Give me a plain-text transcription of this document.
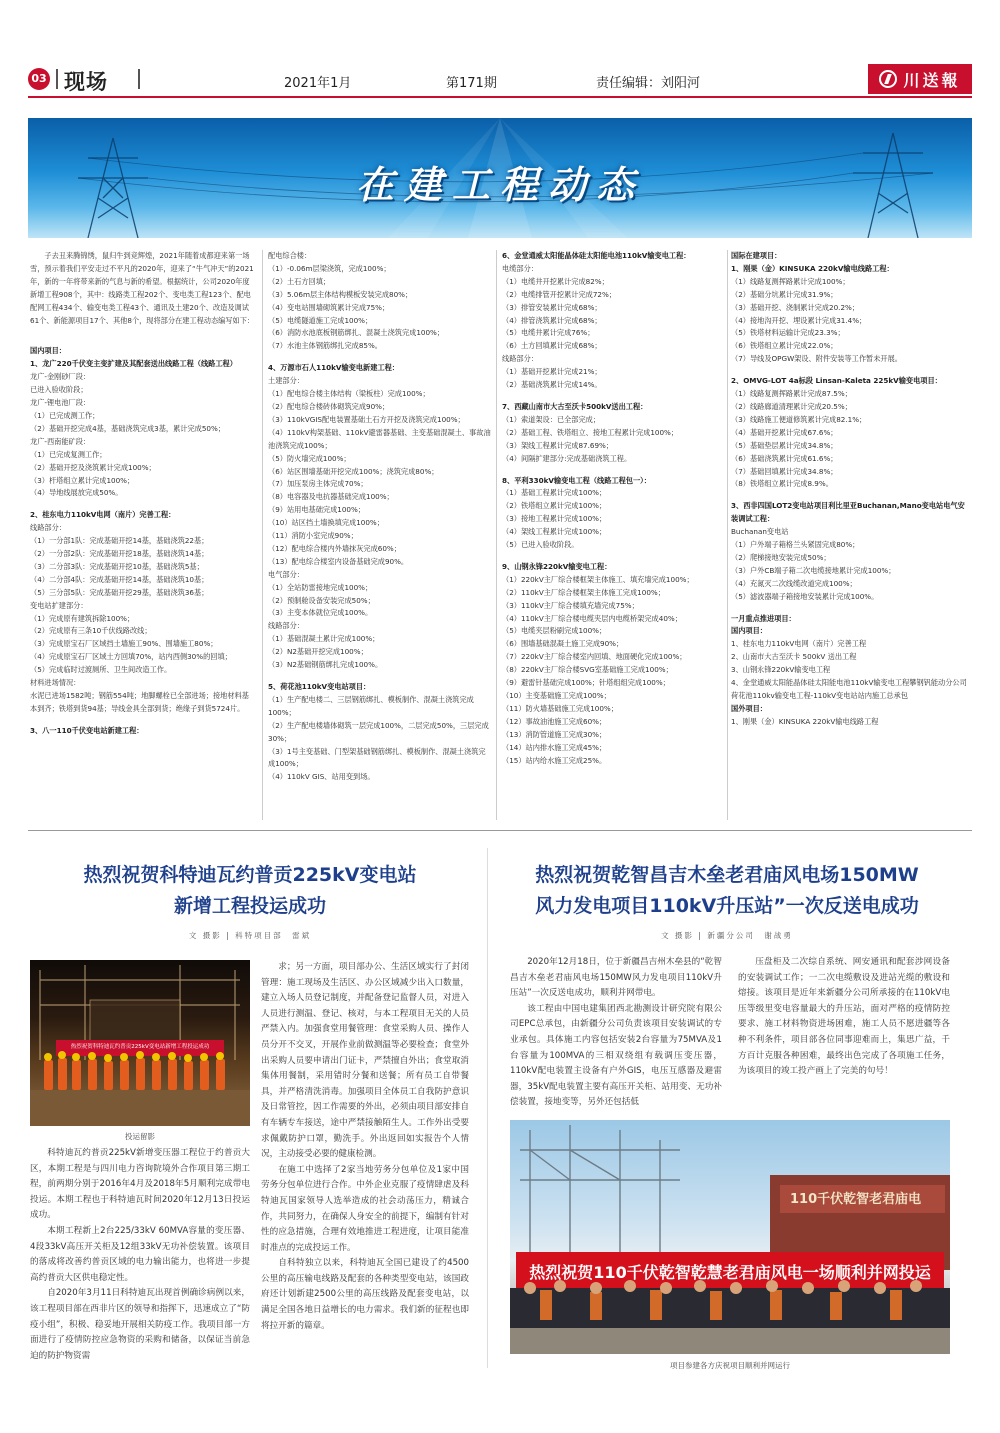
03 现场	2021年1月	第171期	责任编辑：刘阳河	川送報
在建工程动态

子去丑来腾锦绣，鼠归牛到竞辉煌，2021年随着成都迎来第一场雪，预示着我们平安走过不平凡的2020年，迎来了“牛气冲天”的2021年，新的一年将带来新的气息与新的希望。根据统计，公司2020年度新增工程908个，其中：线路类工程202个、变电类工程123个、配电配网工程434个、输变电类工程43个、通讯及土建20个、改造及调试61个、新能源项目17个、其他8个，现将部分在建工程动态编写如下：

国内项目：

1、龙广220千伏变主变扩建及其配套送出线路工程（线路工程）

龙广-金刚砂厂段：

已进入验收阶段；

龙广-锂电池厂段：

（1）已完成测工作；

（2）基础开挖完成4基，基础浇筑完成3基，累计完成50%；

龙广-西南能矿段：

（1）已完成复测工作；

（2）基础开挖及浇筑累计完成100%；

（3）杆塔组立累计完成100%；

（4）导地线展放完成50%。

2、桂东电力110kV电网（南片）完善工程：

线路部分：

（1）一分部1队：完成基础开挖14基，基础浇筑22基；

（2）一分部2队：完成基础开挖18基，基础浇筑14基；

（3）二分部3队：完成基础开挖10基，基础浇筑5基；

（4）二分部4队：完成基础开挖14基，基础浇筑10基；

（5）三分部5队：完成基础开挖29基，基础浇筑36基；

变电站扩建部分：

（1）完成原有建筑拆除100%；

（2）完成原有三条10千伏线路改线；

（3）完成原宝石厂区域挡土墙施工90%、围墙施工80%；

（4）完成原宝石厂区域土方回填70%，站内西侧30%的回填；

（5）完成临时过渡厕所、卫生间改造工作。

材料进场情况：

水泥已进场1582吨；钢筋554吨；地脚螺栓已全部进场；接地材料基本到齐；铁塔到货94基；导线金具全部到货；绝缘子到货5724片。

3、八一110千伏变电站新建工程：

配电综合楼：

（1）-0.06m层梁浇筑，完成100%；

（2）土石方回填；

（3）5.06m层主体结构模板安装完成80%；

（4）变电站围墙砌筑累计完成75%；

（5）电缆隧道施工完成100%；

（6）消防水池底板钢筋绑扎、混凝土浇筑完成100%；

（7）水池主体钢筋绑扎完成85%。

4、万源市石人110kV输变电新建工程：

土建部分：

（1）配电综合楼主体结构（梁板柱）完成100%；

（2）配电综合楼砖体砌筑完成90%；

（3）110kVGIS配电装置基础土石方开挖及浇筑完成100%；

（4）110kV构架基础、110kV避雷器基础、主变基础混凝土、事故油池浇筑完成100%；

（5）防火墙完成100%；

（6）站区围墙基础开挖完成100%；浇筑完成80%；

（7）加压泵房主体完成70%；

（8）电容器及电抗器基础完成100%；

（9）站用电基础完成100%；

（10）站区挡土墙换填完成100%；

（11）消防小室完成90%；

（12）配电综合楼内外墙抹灰完成60%；

（13）配电综合楼室内设备基础完成90%。

电气部分：

（1）全站防雷接地完成100%；

（2）预制舱设备安装完成50%；

（3）主变本体就位完成100%。

线路部分：

（1）基础混凝土累计完成100%；

（2）N2基础开挖完成100%；

（3）N2基础钢筋绑扎完成100%。

5、荷花池110kV变电站项目：

（1）生产配电楼二、三层钢筋绑扎、模板制作、混凝土浇筑完成100%；

（2）生产配电楼墙体砌筑一层完成100%，二层完成50%，三层完成30%；

（3）1号主变基础、门型架基础钢筋绑扎、模板制作、混凝土浇筑完成100%；

（4）110kV GIS、站用变到场。

6、金堂通威太阳能晶体硅太阳能电池110kV输变电工程：

电缆部分：

（1）电缆井开挖累计完成82%；

（2）电缆排管开挖累计完成72%；

（3）排管安装累计完成68%；

（4）排管浇筑累计完成68%；

（5）电缆井累计完成76%；

（6）土方回填累计完成68%；

线路部分：

（1）基础开挖累计完成21%；

（2）基础浇筑累计完成14%。

7、西藏山南市大古至沃卡500kV送出工程：

（1）索道架设：已全部完成；

（2）基础工程、铁塔组立、接地工程累计完成100%；

（3）架线工程累计完成87.69%；

（4）间隔扩建部分:完成基础浇筑工程。

8、平利330kV输变电工程（线路工程包一）：

（1）基础工程累计完成100%；

（2）铁塔组立累计完成100%；

（3）接地工程累计完成100%；

（4）架线工程累计完成100%；

（5）已进入验收阶段。

9、山钢永锋220kV输变电工程：

（1）220kV主厂综合楼框架主体施工、填充墙完成100%；

（2）110kV主厂综合楼框架主体施工完成100%；

（3）110kV主厂综合楼填充墙完成75%；

（4）110kV主厂综合楼电缆夹层内电缆桥架完成40%；

（5）电缆夹层粉刷完成100%；

（6）围墙基础混凝土施工完成90%；

（7）220kV主厂综合楼室内回填、地面硬化完成100%；

（8）220kV主厂综合楼SVG室基础施工完成100%；

（9）避雷针基础完成100%；针塔组组完成100%；

（10）主变基础施工完成100%；

（11）防火墙基础施工完成100%；

（12）事故油池施工完成60%；

（13）消防管道施工完成30%；

（14）站内排水施工完成45%；

（15）站内给水施工完成25%。

国际在建项目：

1、刚果（金）KINSUKA 220kV输电线路工程：

（1）线路复测挥路累计完成100%；

（2）基础分坑累计完成31.9%；

（3）基础开挖、浇制累计完成20.2%；

（4）接地沟开挖、埋设累计完成31.4%；

（5）铁塔材料运输计完成23.3%；

（6）铁塔组立累计完成22.0%；

（7）导线及OPGW架设、附件安装等工作暂未开展。

2、OMVG-LOT 4a标段 Linsan-Kaleta 225kV输变电项目：

（1）线路复测挥路累计完成87.5%；

（2）线路廊道清理累计完成20.5%；

（3）线路施工便道修筑累计完成82.1%；

（4）基础开挖累计完成67.6%；

（5）基础垫层累计完成34.8%；

（6）基础浇筑累计完成61.6%；

（7）基础回填累计完成34.8%；

（8）铁塔组立累计完成8.9%。

3、西非四国LOT2变电站项目利比里亚Buchanan,Mano变电站电气安装调试工程：

Buchanan变电站

（1）户外端子箱格兰头紧固完成80%；

（2）爬梯接地安装完成50%；

（3）户外CB端子箱二次电缆接地累计完成100%；

（4）充氮灭二次线缆改道完成100%；

（5）滤波器端子箱接地安装累计完成100%。

一月重点推进项目：

国内项目：

1、桂东电力110kV电网（南片）完善工程

2、山南市大古至沃卡 500kV 送出工程

3、山钢永锋220kV输变电工程

4、金堂通威太阳能晶体硅太阳能电池110kV输变电工程攀钢钒能动分公司荷花池110kv输变电工程-110kV变电站站内施工总承包

国外项目：

1、刚果（金）KINSUKA 220kV输电线路工程

热烈祝贺科特迪瓦约普贡225kV变电站
新增工程投运成功
文 摄影 | 科特项目部　雷斌
热烈祝贺科特迪瓦约普贡225kV变电站新增工程投运成功
投运留影

科特迪瓦约普贡225kV新增变压器工程位于约普贡大区，本期工程是与四川电力咨询院境外合作项目第三期工程，前两期分别于2016年4月及2018年5月顺利完成带电投运。本期工程也于科特迪瓦时间2020年12月13日投运成功。

本期工程新上2台225/33kV 60MVA容量的变压器、4段33kV高压开关柜及12组33kV无功补偿装置。该项目的落成将改善约普贡区域的电力输出能力，也将进一步提高约普贡大区供电稳定性。

自2020年3月11日科特迪瓦出现首例确诊病例以来，该工程项目部在西非片区的领导和指挥下，迅速成立了“防疫小组”，积极、稳妥地开展相关防疫工作。我项目部一方面进行了疫情防控应急物资的采购和储备，以保证当前急迫的防护物资需

求；另一方面，项目部办公、生活区域实行了封闭管理：施工现场及生活区、办公区域减少出入口数量，建立入场人员登记制度，并配备登记监督人员，对进入人员进行测温、登记、核对，与本工程项目无关的人员严禁入内。加强食堂用餐管理：食堂采购人员、操作人员分开不交叉，开展作业前做测温等必要检查；食堂外出采购人员要申请出门证卡，严禁擅自外出；食堂取消集体用餐制，采用错时分餐和送餐；所有员工自带餐具，并严格清洗消毒。加强项目全体员工自我防护意识及日常管控，因工作需要的外出，必须由项目部安排自有车辆专车接送，途中严禁接触陌生人。工作外出受要求佩戴防护口罩，勤洗手。外出返回如实报告个人情况，主动接受必要的健康检测。

在施工中选择了2家当地劳务分包单位及1家中国劳务分包单位进行合作。中外企业克服了疫情肆虐及科特迪瓦国家领导人选举造成的社会动荡压力，精诚合作，共同努力，在确保人身安全的前提下，编制有针对性的应急措施，合理有效地推进工程进度，让项目能准时准点的完成投运工作。

自科特独立以来，科特迪瓦全国已建设了约4500公里的高压输电线路及配套的各种类型变电站，该国政府还计划新建2500公里的高压线路及配套变电站，以满足全国各地日益增长的电力需求。我们新的征程也即将拉开新的篇章。

热烈祝贺乾智昌吉木垒老君庙风电场150MW
风力发电项目110kV升压站”一次反送电成功
文 摄影 | 新疆分公司　谢战勇

2020年12月18日，位于新疆昌吉州木垒县的“乾智昌吉木垒老君庙风电场150MW风力发电项目110kV升压站”一次反送电成功，顺利并网带电。

该工程由中国电建集团西北勘测设计研究院有限公司EPC总承包，由新疆分公司负责该项目安装调试的专业承包。具体施工内容包括安装2台容量为75MVA及1台容量为100MVA的三相双绕组有载调压变压器，110kV配电装置主设备有户外GIS，电压互感器及避雷器，35kV配电装置主要有高压开关柜、站用变、无功补偿装置，接地变等，另外还包括低

压盘柜及二次综自系统、网安通讯和配套涉网设备的安装调试工作；一二次电缆敷设及进站光缆的敷设和熔接。该项目是近年来新疆分公司所承接的在110kV电压等级里变电容量最大的升压站，面对严格的疫情防控要求、施工材料物资进场困难，施工人员不愿进疆等各种不利条件，项目部各位同事迎难而上，集思广益，千方百计克服各种困难，最终出色完成了各项施工任务，为该项目的竣工投产画上了完美的句号！

110千伏乾智老君庙电
热烈祝贺110千伏乾智乾慧老君庙风电一场顺利并网投运
项目参建各方庆祝项目顺利并网运行
